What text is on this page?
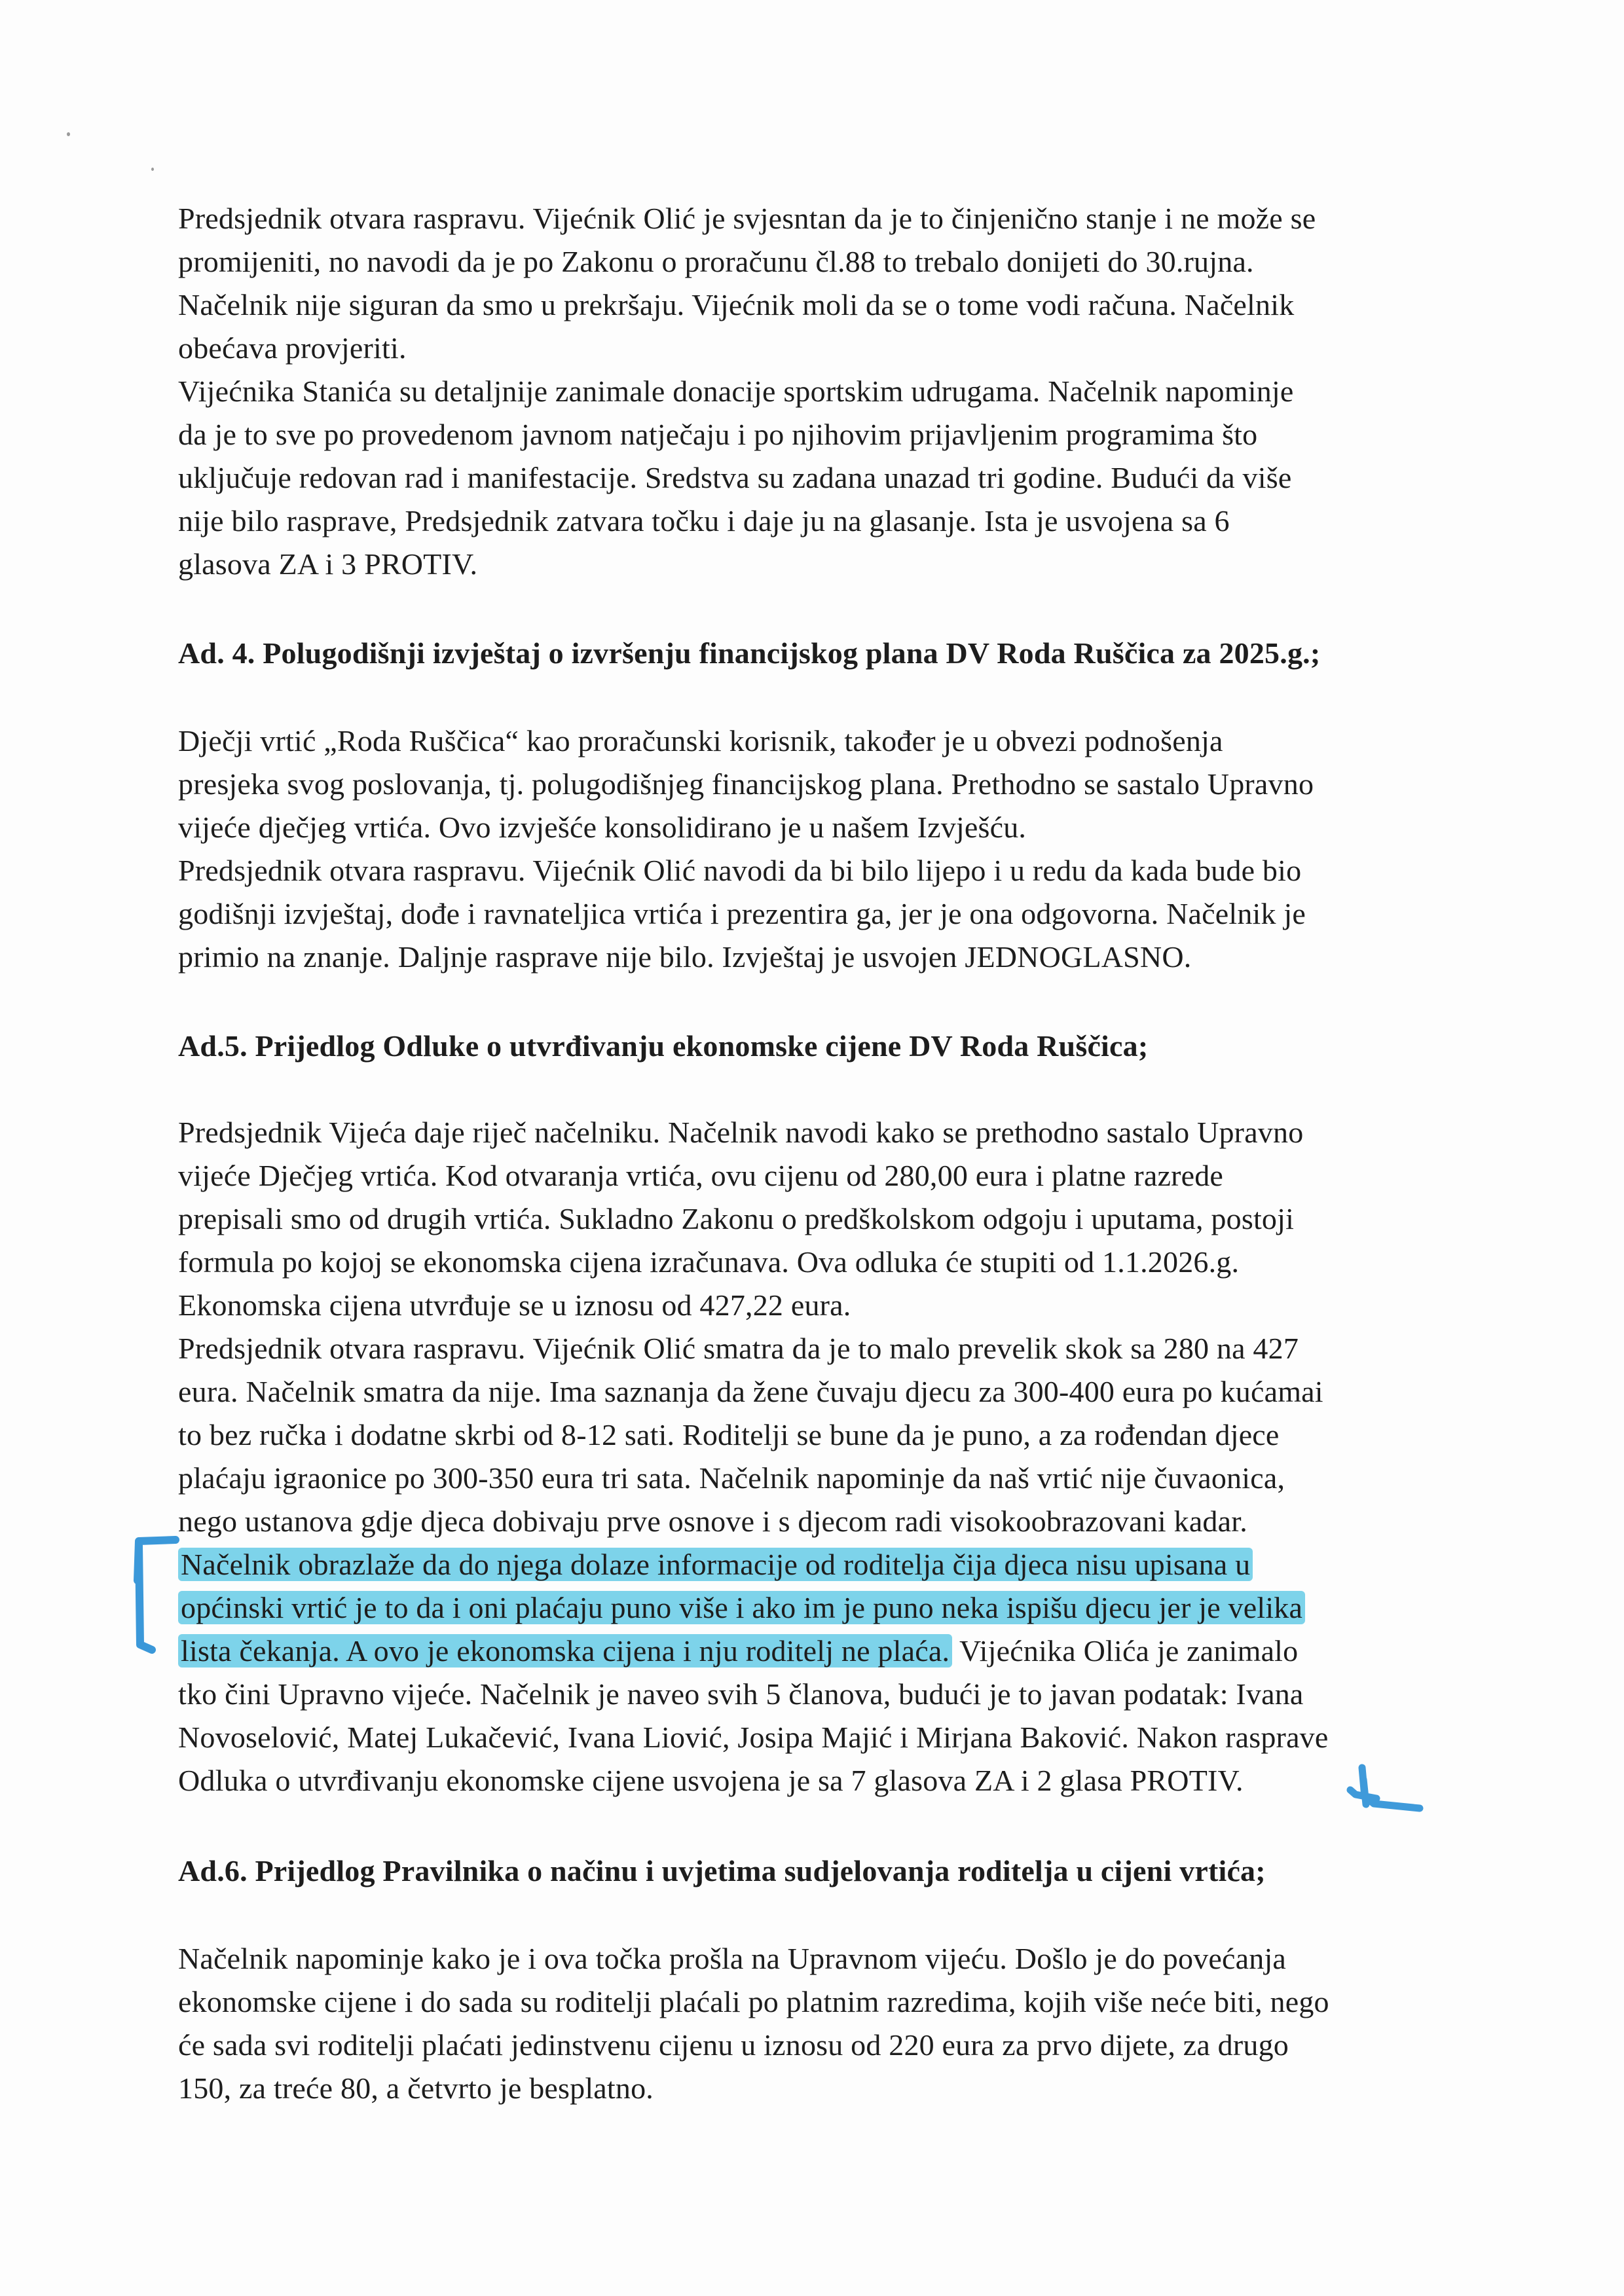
Predsjednik otvara raspravu. Vijećnik Olić je svjesntan da je to činjenično stanje i ne može se
promijeniti, no navodi da je po Zakonu o proračunu čl.88 to trebalo donijeti do 30.rujna.
Načelnik nije siguran da smo u prekršaju. Vijećnik moli da se o tome vodi računa. Načelnik
obećava provjeriti.
Vijećnika Stanića su detaljnije zanimale donacije sportskim udrugama. Načelnik napominje
da je to sve po provedenom javnom natječaju i po njihovim prijavljenim programima što
uključuje redovan rad i manifestacije. Sredstva su zadana unazad tri godine. Budući da više
nije bilo rasprave, Predsjednik zatvara točku i daje ju na glasanje. Ista je usvojena sa 6
glasova ZA i 3 PROTIV.
Ad. 4. Polugodišnji izvještaj o izvršenju financijskog plana DV Roda Ruščica za 2025.g.;
Dječji vrtić „Roda Ruščica“ kao proračunski korisnik, također je u obvezi podnošenja
presjeka svog poslovanja, tj. polugodišnjeg financijskog plana. Prethodno se sastalo Upravno
vijeće dječjeg vrtića. Ovo izvješće konsolidirano je u našem Izvješću.
Predsjednik otvara raspravu. Vijećnik Olić navodi da bi bilo lijepo i u redu da kada bude bio
godišnji izvještaj, dođe i ravnateljica vrtića i prezentira ga, jer je ona odgovorna. Načelnik je
primio na znanje. Daljnje rasprave nije bilo. Izvještaj je usvojen JEDNOGLASNO.
Ad.5. Prijedlog Odluke o utvrđivanju ekonomske cijene DV Roda Ruščica;
Predsjednik Vijeća daje riječ načelniku. Načelnik navodi kako se prethodno sastalo Upravno
vijeće Dječjeg vrtića. Kod otvaranja vrtića, ovu cijenu od 280,00 eura i platne razrede
prepisali smo od drugih vrtića. Sukladno Zakonu o predškolskom odgoju i uputama, postoji
formula po kojoj se ekonomska cijena izračunava. Ova odluka će stupiti od 1.1.2026.g.
Ekonomska cijena utvrđuje se u iznosu od 427,22 eura.
Predsjednik otvara raspravu. Vijećnik Olić smatra da je to malo prevelik skok sa 280 na 427
eura. Načelnik smatra da nije. Ima saznanja da žene čuvaju djecu za 300-400 eura po kućamai
to bez ručka i dodatne skrbi od 8-12 sati. Roditelji se bune da je puno, a za rođendan djece
plaćaju igraonice po 300-350 eura tri sata. Načelnik napominje da naš vrtić nije čuvaonica,
nego ustanova gdje djeca dobivaju prve osnove i s djecom radi visokoobrazovani kadar.
Načelnik obrazlaže da do njega dolaze informacije od roditelja čija djeca nisu upisana u
općinski vrtić je to da i oni plaćaju puno više i ako im je puno neka ispišu djecu jer je velika
lista čekanja. A ovo je ekonomska cijena i nju roditelj ne plaća. Vijećnika Olića je zanimalo
tko čini Upravno vijeće. Načelnik je naveo svih 5 članova, budući je to javan podatak: Ivana
Novoselović, Matej Lukačević, Ivana Liović, Josipa Majić i Mirjana Baković. Nakon rasprave
Odluka o utvrđivanju ekonomske cijene usvojena je sa 7 glasova ZA i 2 glasa PROTIV.
Ad.6. Prijedlog Pravilnika o načinu i uvjetima sudjelovanja roditelja u cijeni vrtića;
Načelnik napominje kako je i ova točka prošla na Upravnom vijeću. Došlo je do povećanja
ekonomske cijene i do sada su roditelji plaćali po platnim razredima, kojih više neće biti, nego
će sada svi roditelji plaćati jedinstvenu cijenu u iznosu od 220 eura za prvo dijete, za drugo
150, za treće 80, a četvrto je besplatno.
